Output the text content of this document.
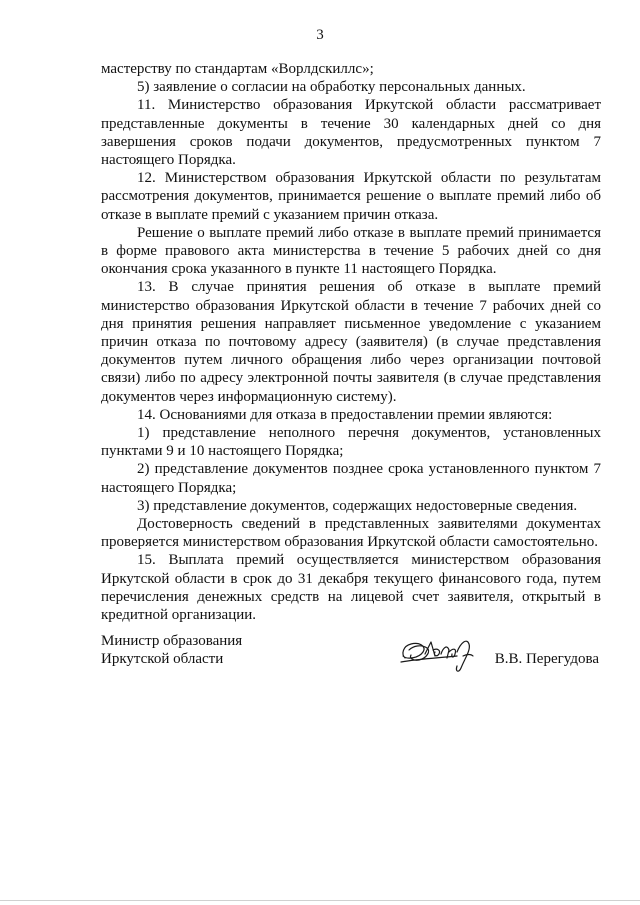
3

мастерству по стандартам «Ворлдскиллс»;

5) заявление о согласии на обработку персональных данных.

11. Министерство образования Иркутской области рассматривает представленные документы в течение 30 календарных дней со дня завершения сроков подачи документов, предусмотренных пунктом 7 настоящего Порядка.

12. Министерством образования Иркутской области по результатам рассмотрения документов, принимается решение о выплате премий либо об отказе в выплате премий с указанием причин отказа.

Решение о выплате премий либо отказе в выплате премий принимается в форме правового акта министерства в течение 5 рабочих дней со дня окончания срока указанного в пункте 11 настоящего Порядка.

13. В случае принятия решения об отказе в выплате премий министерство образования Иркутской области в течение 7 рабочих дней со дня принятия решения направляет письменное уведомление с указанием причин отказа по почтовому адресу (заявителя) (в случае представления документов путем личного обращения либо через организации почтовой связи) либо по адресу электронной почты заявителя (в случае представления документов через информационную систему).

14. Основаниями для отказа в предоставлении премии являются:

1) представление неполного перечня документов, установленных пунктами 9 и 10 настоящего Порядка;

2) представление документов позднее срока установленного пунктом 7 настоящего Порядка;

3) представление документов, содержащих недостоверные сведения.

Достоверность сведений в представленных заявителями документах проверяется министерством образования Иркутской области самостоятельно.

15. Выплата премий осуществляется министерством образования Иркутской области в срок до 31 декабря текущего финансового года, путем перечисления денежных средств на лицевой счет заявителя, открытый в кредитной организации.

Министр образования
Иркутской области	В.В. Перегудова
